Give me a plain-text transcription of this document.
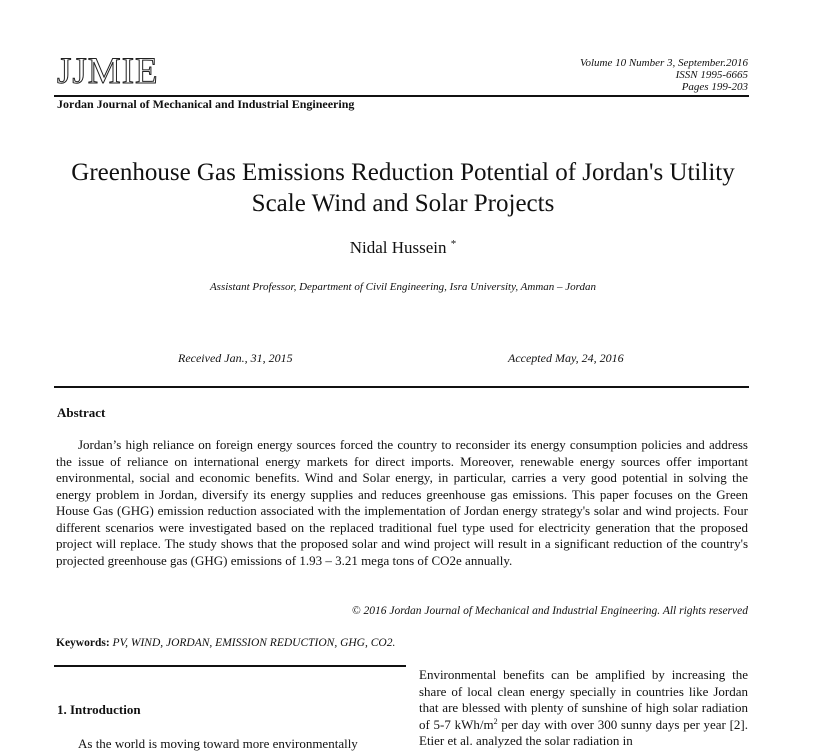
JJMIE
Jordan Journal of Mechanical and Industrial Engineering
Volume 10 Number 3, September.2016
ISSN 1995-6665
Pages 199-203
Greenhouse Gas Emissions Reduction Potential of Jordan's Utility
Scale Wind and Solar Projects
Nidal Hussein *
Assistant Professor, Department of Civil Engineering, Isra University, Amman – Jordan
Received Jan., 31, 2015	Accepted May, 24, 2016
Abstract
Jordan’s high reliance on foreign energy sources forced the country to reconsider its energy consumption policies and address the issue of reliance on international energy markets for direct imports. Moreover, renewable energy sources offer important environmental, social and economic benefits. Wind and Solar energy, in particular, carries a very good potential in solving the energy problem in Jordan, diversify its energy supplies and reduces greenhouse gas emissions. This paper focuses on the Green House Gas (GHG) emission reduction associated with the implementation of Jordan energy strategy's solar and wind projects. Four different scenarios were investigated based on the replaced traditional fuel type used for electricity generation that the proposed project will replace. The study shows that the proposed solar and wind project will result in a significant reduction of the country's projected greenhouse gas (GHG) emissions of 1.93 – 3.21 mega tons of CO2e annually.
© 2016 Jordan Journal of Mechanical and Industrial Engineering. All rights reserved
Keywords: PV, WIND, JORDAN, EMISSION REDUCTION, GHG, CO2.
1. Introduction
As the world is moving toward more environmentally
Environmental benefits can be amplified by increasing the share of local clean energy specially in countries like Jordan that are blessed with plenty of sunshine of high solar radiation of 5-7 kWh/$m^2$ per day with over 300 sunny days per year [2]. Etier et al. analyzed the solar radiation in
